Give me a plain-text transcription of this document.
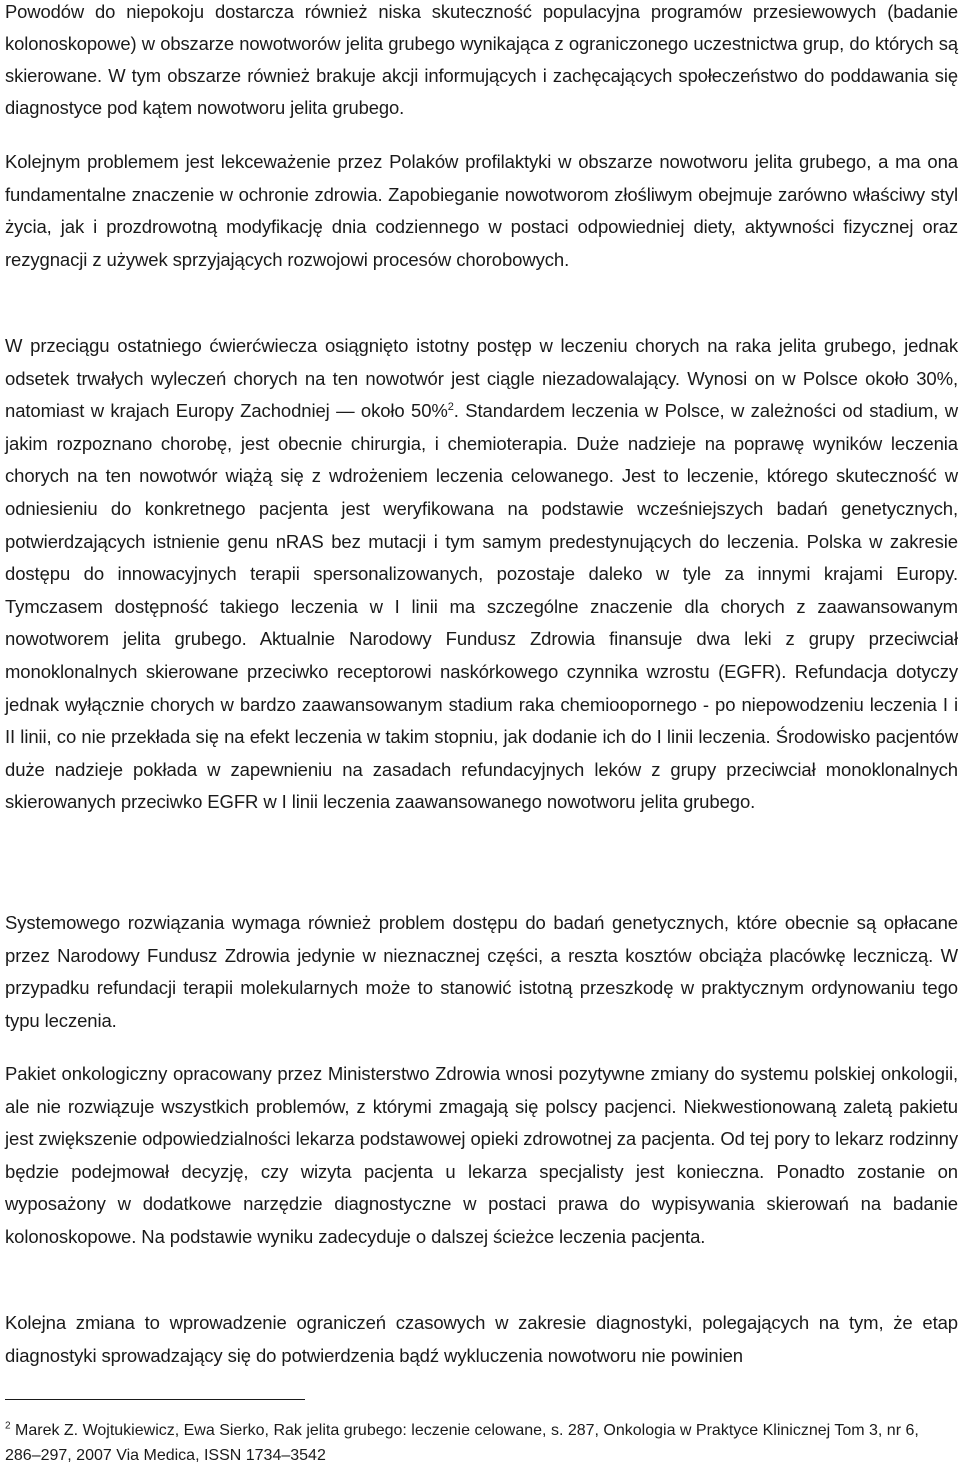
Powodów do niepokoju dostarcza również niska skuteczność populacyjna programów przesiewowych (badanie kolonoskopowe) w obszarze nowotworów jelita grubego wynikająca z ograniczonego uczestnictwa grup, do których są skierowane. W tym obszarze również brakuje akcji informujących i zachęcających społeczeństwo do poddawania się diagnostyce pod kątem nowotworu jelita grubego.

Kolejnym problemem jest lekceważenie przez Polaków profilaktyki w obszarze nowotworu jelita grubego, a ma ona fundamentalne znaczenie w ochronie zdrowia. Zapobieganie nowotworom złośliwym obejmuje zarówno właściwy styl życia, jak i prozdrowotną modyfikację dnia codziennego w postaci odpowiedniej diety, aktywności fizycznej oraz rezygnacji z używek sprzyjających rozwojowi procesów chorobowych.

W przeciągu ostatniego ćwierćwiecza osiągnięto istotny postęp w leczeniu chorych na raka jelita grubego, jednak odsetek trwałych wyleczeń chorych na ten nowotwór jest ciągle niezadowalający. Wynosi on w Polsce około 30%, natomiast w krajach Europy Zachodniej — około 50%$^2$. Standardem leczenia w Polsce, w zależności od stadium, w jakim rozpoznano chorobę, jest obecnie chirurgia, i chemioterapia. Duże nadzieje na poprawę wyników leczenia chorych na ten nowotwór wiążą się z wdrożeniem leczenia celowanego. Jest to leczenie, którego skuteczność w odniesieniu do konkretnego pacjenta jest weryfikowana na podstawie wcześniejszych badań genetycznych, potwierdzających istnienie genu nRAS bez mutacji i tym samym predestynujących do leczenia. Polska w zakresie dostępu do innowacyjnych terapii spersonalizowanych, pozostaje daleko w tyle za innymi krajami Europy. Tymczasem dostępność takiego leczenia w I linii ma szczególne znaczenie dla chorych z zaawansowanym nowotworem jelita grubego. Aktualnie Narodowy Fundusz Zdrowia finansuje dwa leki z grupy przeciwciał monoklonalnych skierowane przeciwko receptorowi naskórkowego czynnika wzrostu (EGFR). Refundacja dotyczy jednak wyłącznie chorych w bardzo zaawansowanym stadium raka chemioopornego - po niepowodzeniu leczenia I i II linii, co nie przekłada się na efekt leczenia w takim stopniu, jak dodanie ich do I linii leczenia. Środowisko pacjentów duże nadzieje pokłada w zapewnieniu na zasadach refundacyjnych leków z grupy przeciwciał monoklonalnych skierowanych przeciwko EGFR w I linii leczenia zaawansowanego nowotworu jelita grubego.

Systemowego rozwiązania wymaga również problem dostępu do badań genetycznych, które obecnie są opłacane przez Narodowy Fundusz Zdrowia jedynie w nieznacznej części, a reszta kosztów obciąża placówkę leczniczą. W przypadku refundacji terapii molekularnych może to stanowić istotną przeszkodę w praktycznym ordynowaniu tego typu leczenia.

Pakiet onkologiczny opracowany przez Ministerstwo Zdrowia wnosi pozytywne zmiany do systemu polskiej onkologii, ale nie rozwiązuje wszystkich problemów, z którymi zmagają się polscy pacjenci. Niekwestionowaną zaletą pakietu jest zwiększenie odpowiedzialności lekarza podstawowej opieki zdrowotnej za pacjenta. Od tej pory to lekarz rodzinny będzie podejmował decyzję, czy wizyta pacjenta u lekarza specjalisty jest konieczna. Ponadto zostanie on wyposażony w dodatkowe narzędzie diagnostyczne w postaci prawa do wypisywania skierowań na badanie kolonoskopowe. Na podstawie wyniku zadecyduje o dalszej ścieżce leczenia pacjenta.

Kolejna zmiana to wprowadzenie ograniczeń czasowych w zakresie diagnostyki, polegających na tym, że etap diagnostyki sprowadzający się do potwierdzenia bądź wykluczenia nowotworu nie powinien

$^2$ Marek Z. Wojtukiewicz, Ewa Sierko, Rak jelita grubego: leczenie celowane, s. 287, Onkologia w Praktyce Klinicznej Tom 3, nr 6, 286–297, 2007 Via Medica, ISSN 1734–3542
